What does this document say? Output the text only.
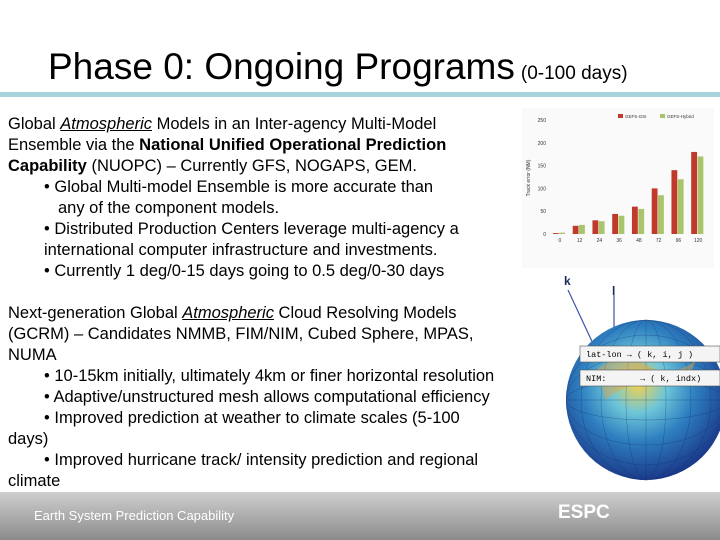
Phase 0: Ongoing Programs (0-100 days)

Global Atmospheric Models in an Inter-agency Multi-Model

Ensemble via the National Unified Operational Prediction

Capability (NUOPC) – Currently GFS, NOGAPS, GEM.

• Global Multi-model Ensemble is more accurate than

any of the component models.

• Distributed Production Centers leverage multi-agency a

international computer infrastructure and investments.

• Currently 1 deg/0-15 days going to 0.5 deg/0-30 days

Next-generation Global Atmospheric Cloud Resolving Models

(GCRM) – Candidates NMMB, FIM/NIM, Cubed Sphere, MPAS,

NUMA

• 10-15km initially, ultimately 4km or finer horizontal resolution

• Adaptive/unstructured mesh allows computational efficiency

• Improved prediction at weather to climate scales (5-100

days)

• Improved hurricane track/ intensity prediction and regional

climate

Track error (NM)
0
50
100
150
200
250
0	12	24	36	48	72	96	120
GEFS-GSI	GEFS-Hybrid
k
l
lat-lon → ( k, i, j )
NIM:	→ ( k, indx)
Earth System Prediction Capability	ESPC
